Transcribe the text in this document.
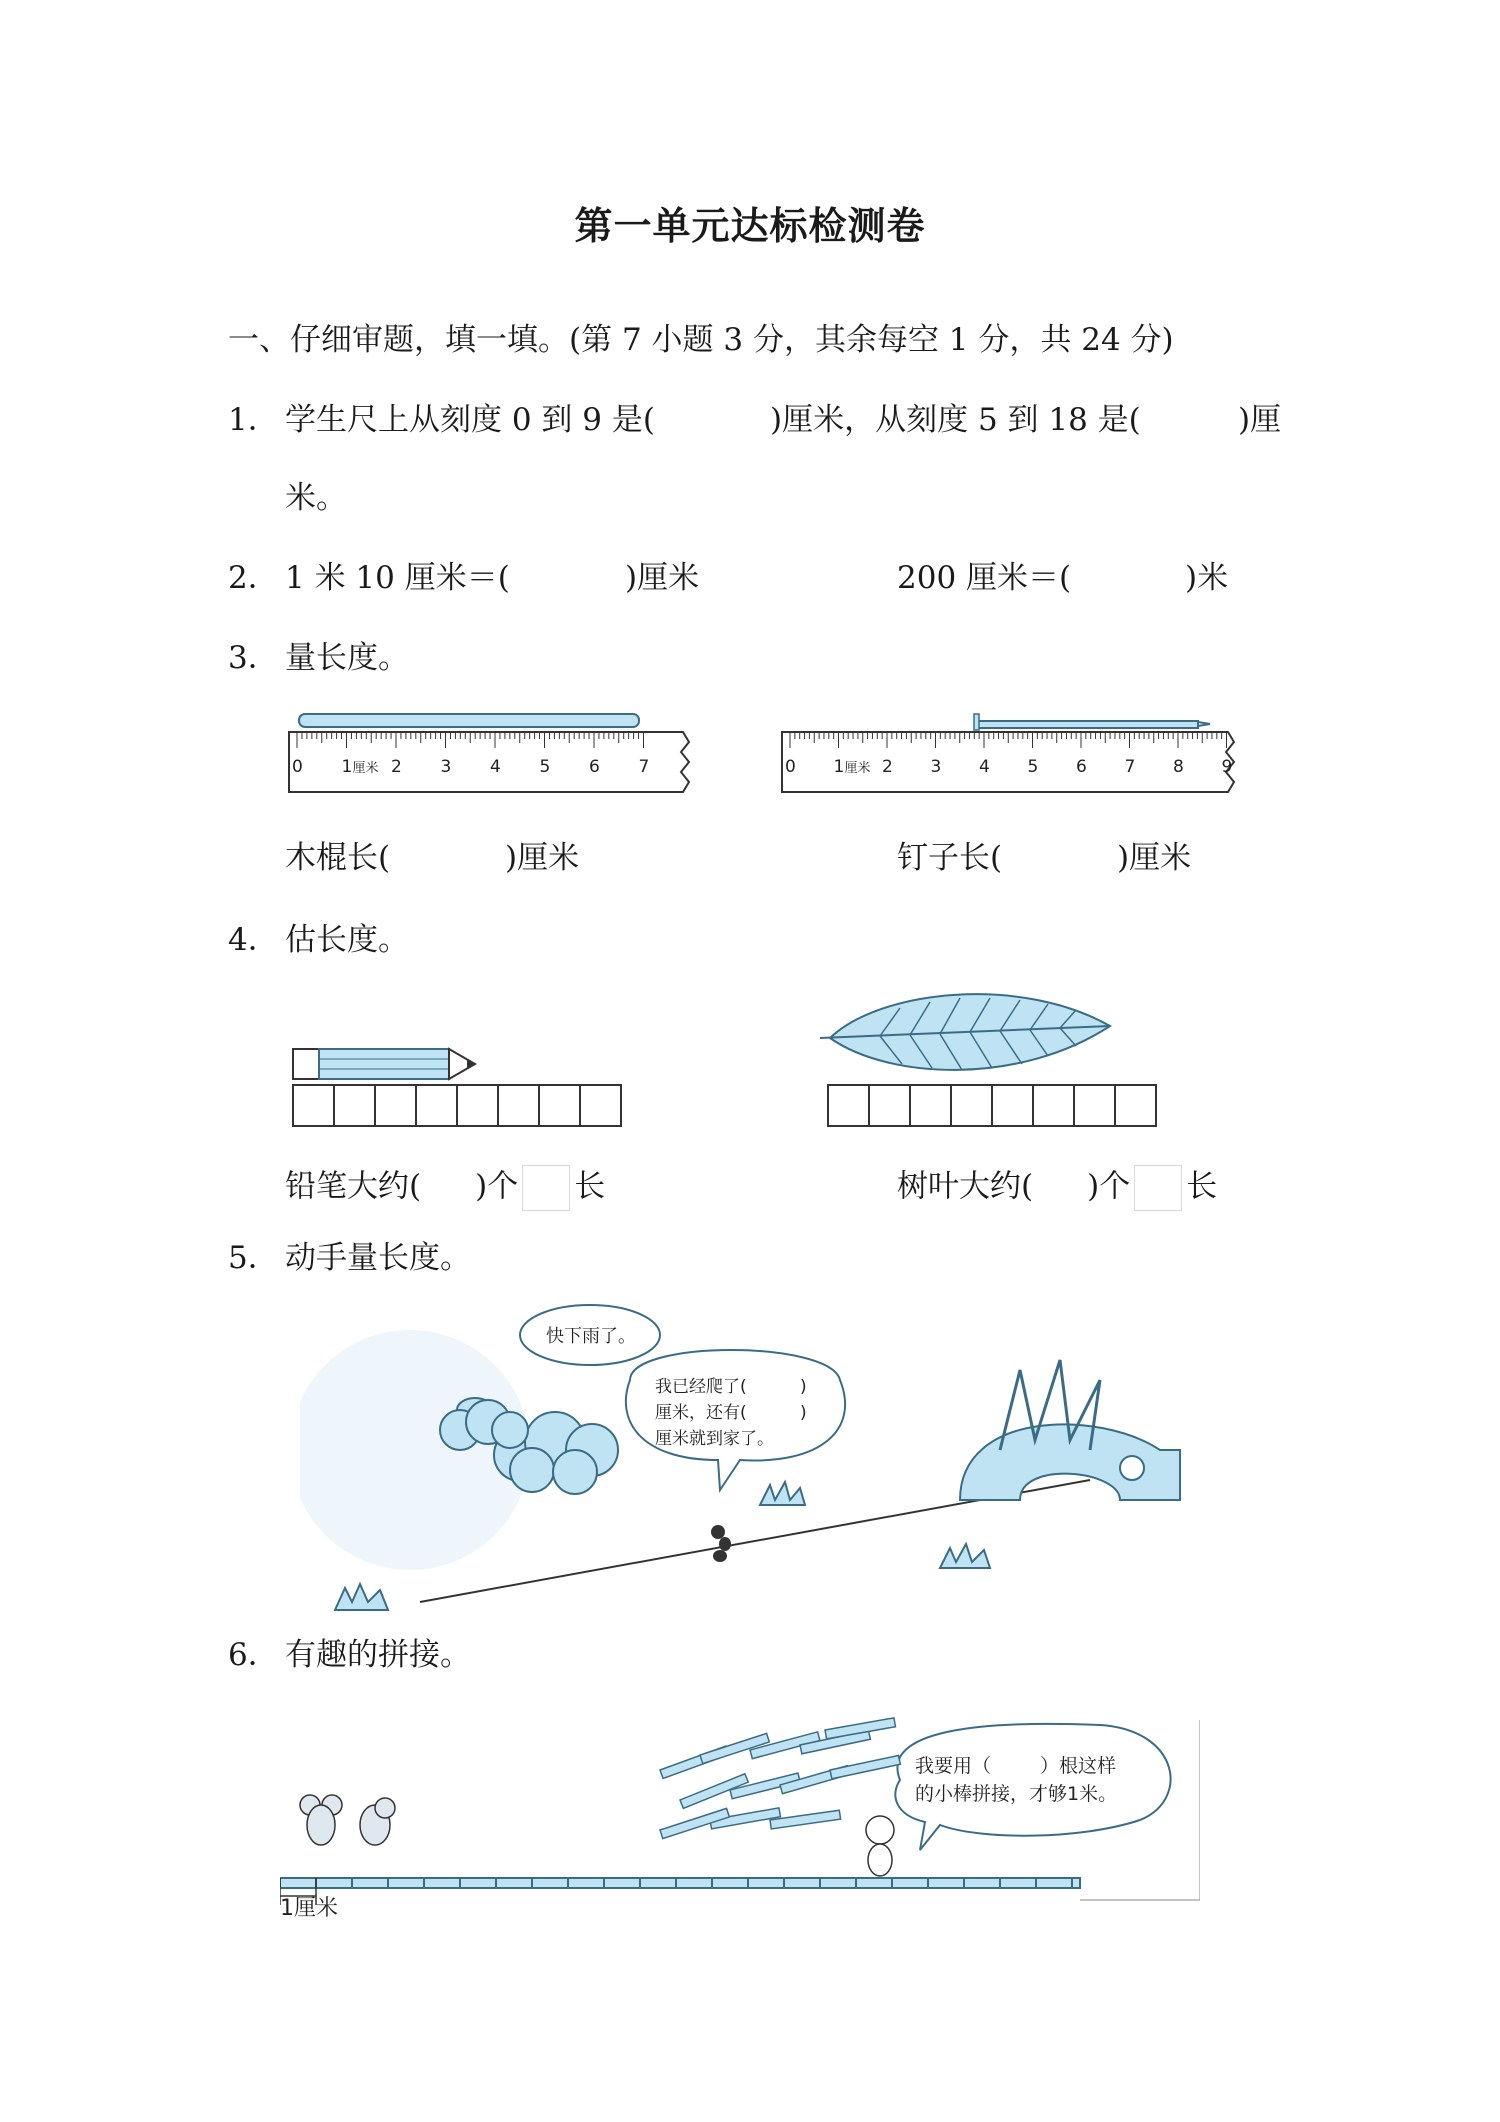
第一单元达标检测卷
一、仔细审题，填一填。(第 7 小题 3 分，其余每空 1 分，共 24 分)
1． 学生尺上从刻度 0 到 9 是(	)厘米，从刻度 5 到 18 是(	)厘
米。
2． 1 米 10 厘米＝(	)厘米	200 厘米＝(	)米
3． 量长度。
0 1 厘米 2 3 4 5 6 7	0 1 厘米 2 3 4 5 6 7 8 9
木棍长(	)厘米	钉子长(	)厘米
4． 估长度。
铅笔大约( )个 长	树叶大约( )个 长
5． 动手量长度。
快下雨了。
我已经爬了(	)
厘米，还有(	)
厘米就到家了。
6． 有趣的拼接。
我要用（	）根这样
的小棒拼接，才够1米。
1厘米
